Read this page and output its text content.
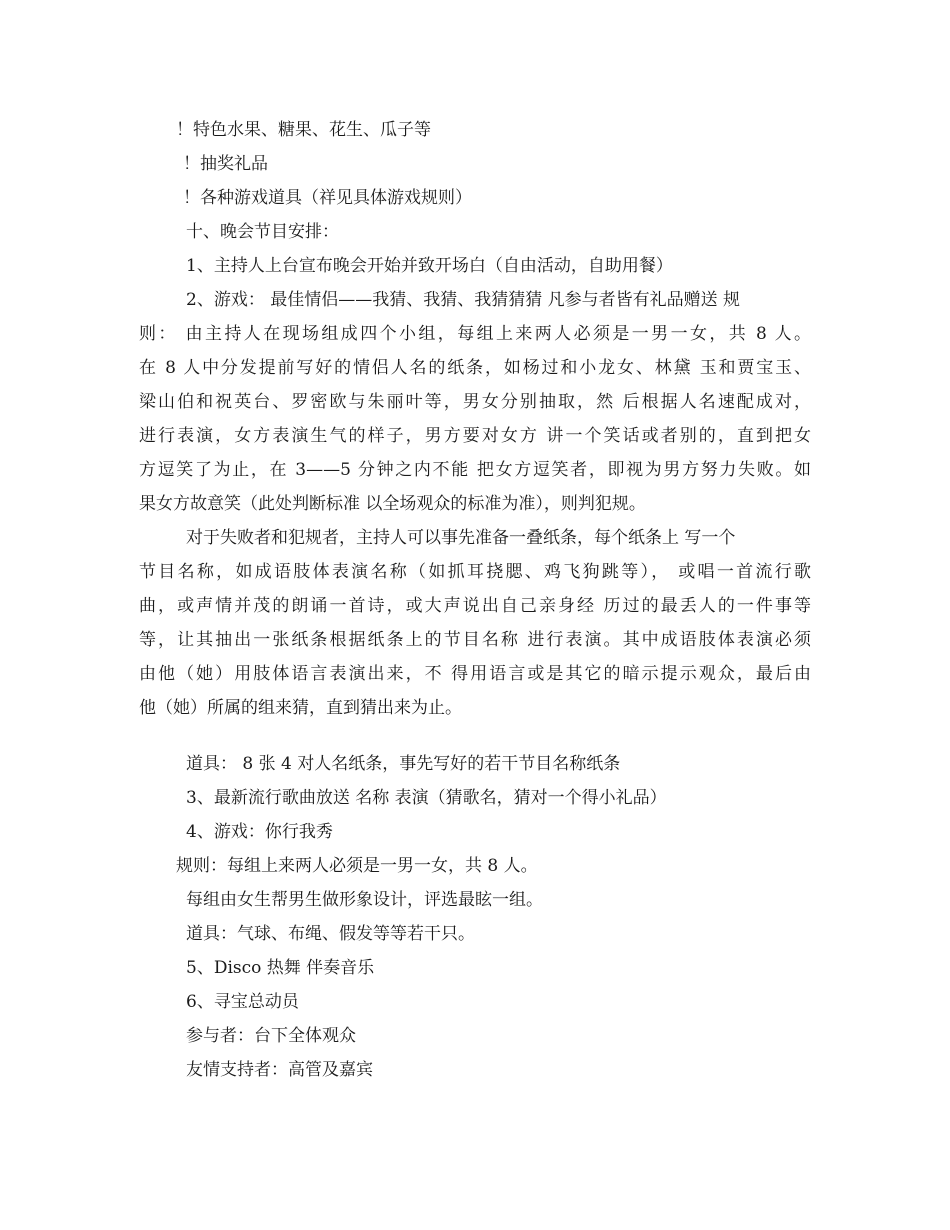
！特色水果、糖果、花生、瓜子等
！抽奖礼品
！各种游戏道具（祥见具体游戏规则）
十、晚会节目安排：
1、主持人上台宣布晚会开始并致开场白（自由活动，自助用餐）
2、游戏： 最佳情侣——我猜、我猜、我猜猜猜 凡参与者皆有礼品赠送 规
则： 由主持人在现场组成四个小组，每组上来两人必须是一男一女，共 8 人。
在 8 人中分发提前写好的情侣人名的纸条，如杨过和小龙女、林黛 玉和贾宝玉、
梁山伯和祝英台、罗密欧与朱丽叶等，男女分别抽取，然 后根据人名速配成对，
进行表演，女方表演生气的样子，男方要对女方 讲一个笑话或者别的，直到把女
方逗笑了为止，在 3——5 分钟之内不能 把女方逗笑者，即视为男方努力失败。如
果女方故意笑（此处判断标准 以全场观众的标准为准），则判犯规。
对于失败者和犯规者，主持人可以事先准备一叠纸条，每个纸条上 写一个
节目名称，如成语肢体表演名称（如抓耳挠腮、鸡飞狗跳等）， 或唱一首流行歌
曲，或声情并茂的朗诵一首诗，或大声说出自己亲身经 历过的最丢人的一件事等
等，让其抽出一张纸条根据纸条上的节目名称 进行表演。其中成语肢体表演必须
由他（她）用肢体语言表演出来，不 得用语言或是其它的暗示提示观众，最后由
他（她）所属的组来猜，直到猜出来为止。
道具： 8 张 4 对人名纸条，事先写好的若干节目名称纸条
3、最新流行歌曲放送 名称 表演（猜歌名，猜对一个得小礼品）
4、游戏：你行我秀
规则：每组上来两人必须是一男一女，共 8 人。
每组由女生帮男生做形象设计，评选最眩一组。
道具：气球、布绳、假发等等若干只。
5、Disco 热舞 伴奏音乐
6、寻宝总动员
参与者：台下全体观众
友情支持者：高管及嘉宾
